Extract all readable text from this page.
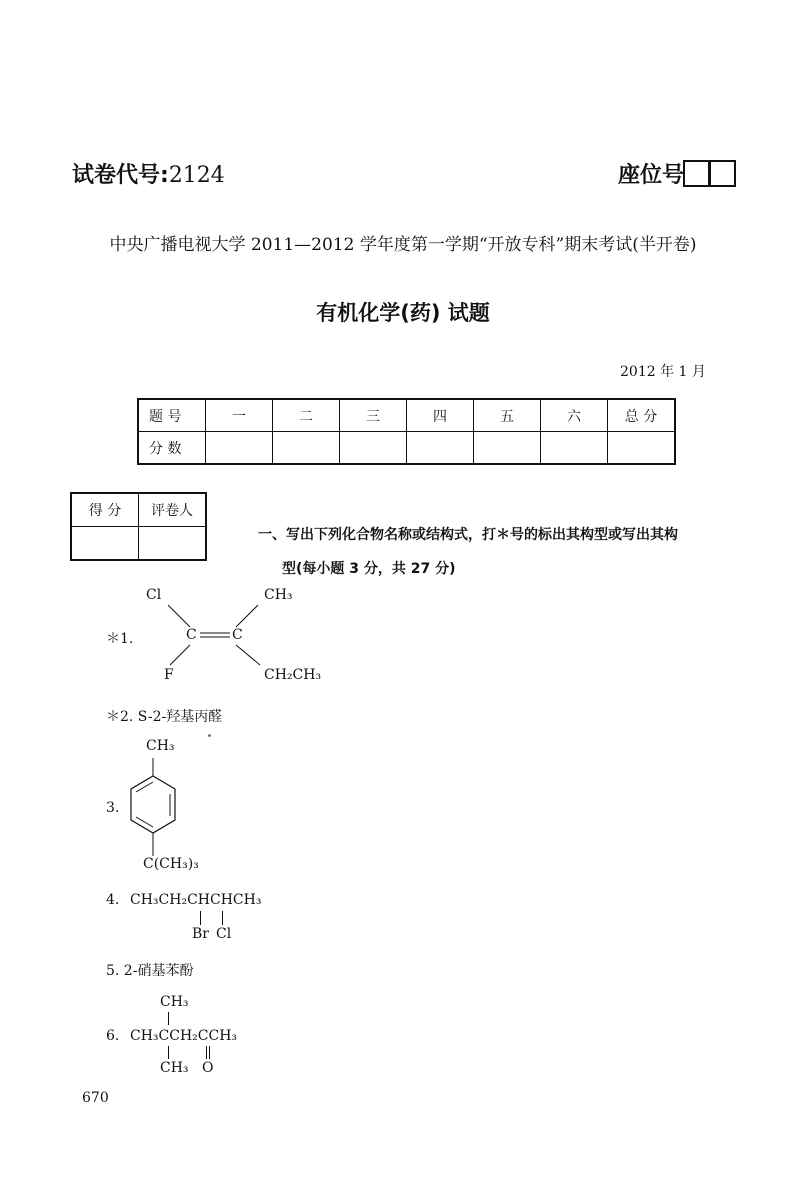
试卷代号:2124	座位号
中央广播电视大学 2011—2012 学年度第一学期“开放专科”期末考试(半开卷)
有机化学(药) 试题
2012 年 1 月
题 号	一	二	三	四	五	六	总 分
分 数							
得 分	评卷人

一、写出下列化合物名称或结构式，打＊号的标出其构型或写出其构
型(每小题 3 分，共 27 分)
＊1.
Cl	CH₃
C	C
F	CH₂CH₃
＊2. S-2-羟基丙醛
CH₃
3.
C(CH₃)₃
4. CH₃CH₂CHCHCH₃
Br Cl
5. 2-硝基苯酚
CH₃
6. CH₃CCH₂CCH₃
CH₃ O
670
